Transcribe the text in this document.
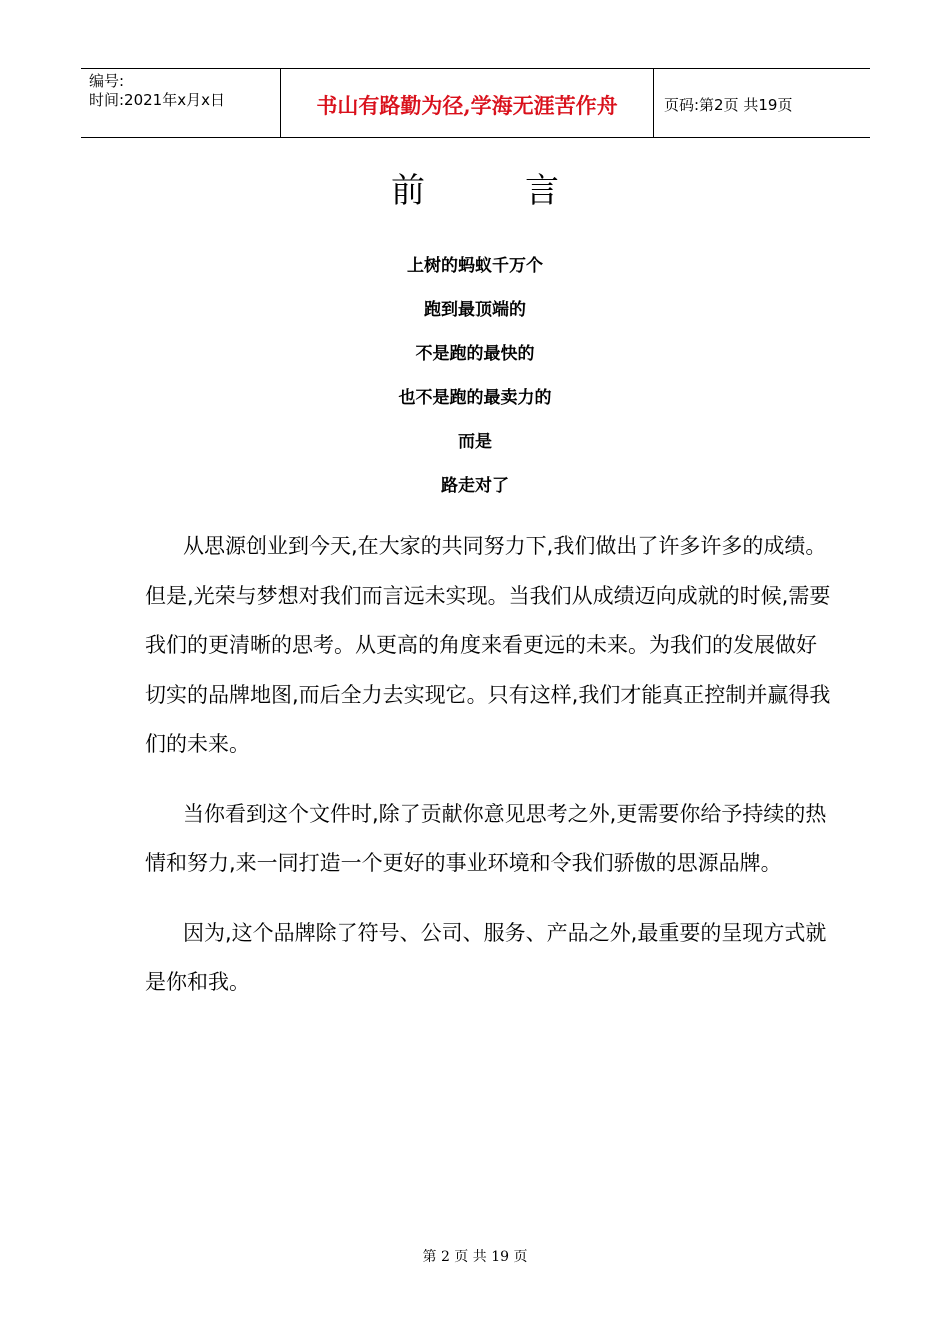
编号:
时间:2021年x月x日	书山有路勤为径,学海无涯苦作舟	页码:第2页 共19页
前言
上树的蚂蚁千万个
跑到最顶端的
不是跑的最快的
也不是跑的最卖力的
而是
路走对了

从思源创业到今天,在大家的共同努力下,我们做出了许多许多的成绩。但是,光荣与梦想对我们而言远未实现。当我们从成绩迈向成就的时候,需要我们的更清晰的思考。从更高的角度来看更远的未来。为我们的发展做好切实的品牌地图,而后全力去实现它。只有这样,我们才能真正控制并赢得我们的未来。

当你看到这个文件时,除了贡献你意见思考之外,更需要你给予持续的热情和努力,来一同打造一个更好的事业环境和令我们骄傲的思源品牌。

因为,这个品牌除了符号、公司、服务、产品之外,最重要的呈现方式就是你和我。

第 2 页 共 19 页
